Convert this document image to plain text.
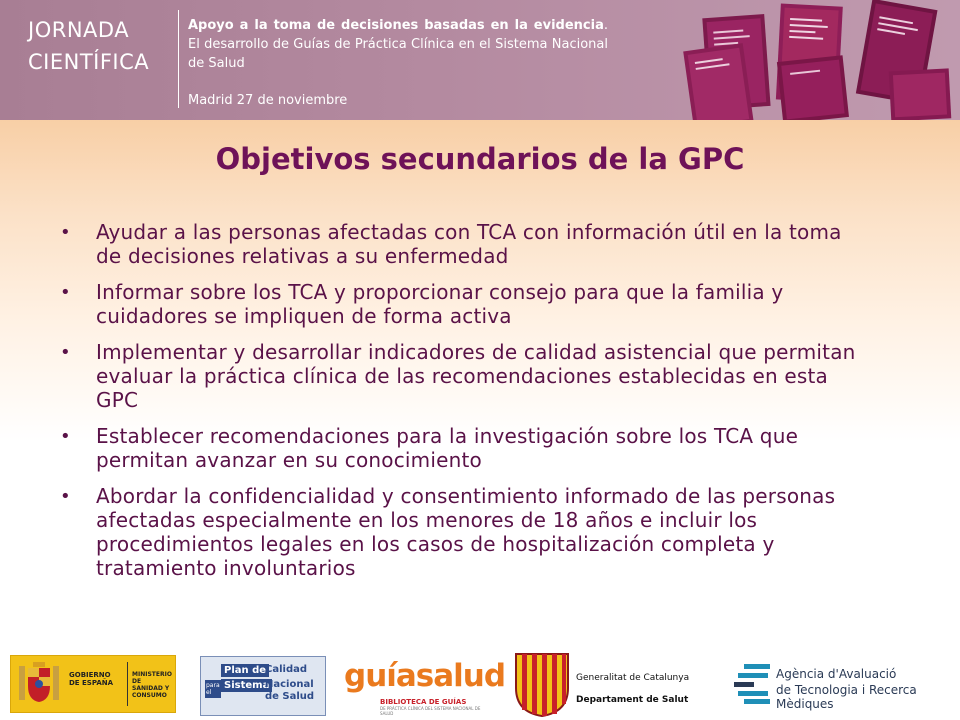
JORNADA
CIENTÍFICA
Apoyo a la toma de decisiones basadas en la evidencia. El desarrollo de Guías de Práctica Clínica en el Sistema Nacional de Salud
Madrid 27 de noviembre
Objetivos secundarios de la GPC
• Ayudar a las personas afectadas con TCA con información útil en la toma de decisiones relativas a su enfermedad
• Informar sobre los TCA y proporcionar consejo para que la familia y cuidadores se impliquen de forma activa
• Implementar y desarrollar indicadores de calidad asistencial que permitan evaluar la práctica clínica de las recomendaciones establecidas en esta GPC
• Establecer recomendaciones para la investigación sobre los TCA que permitan avanzar en su conocimiento
• Abordar la confidencialidad y consentimiento informado de las personas afectadas especialmente en los menores de 18 años e incluir los procedimientos legales en los casos de hospitalización completa y tratamiento involuntarios
GOBIERNO DE ESPAÑA
MINISTERIO DE SANIDAD Y CONSUMO
Plan de
Calidad
para el
Sistema
Nacional
de Salud
guíasalud
BIBLIOTECA DE GUÍAS
DE PRÁCTICA CLÍNICA DEL SISTEMA NACIONAL DE SALUD
Generalitat de Catalunya
Departament de Salut
Agència d'Avaluació
de Tecnologia i Recerca Mèdiques
